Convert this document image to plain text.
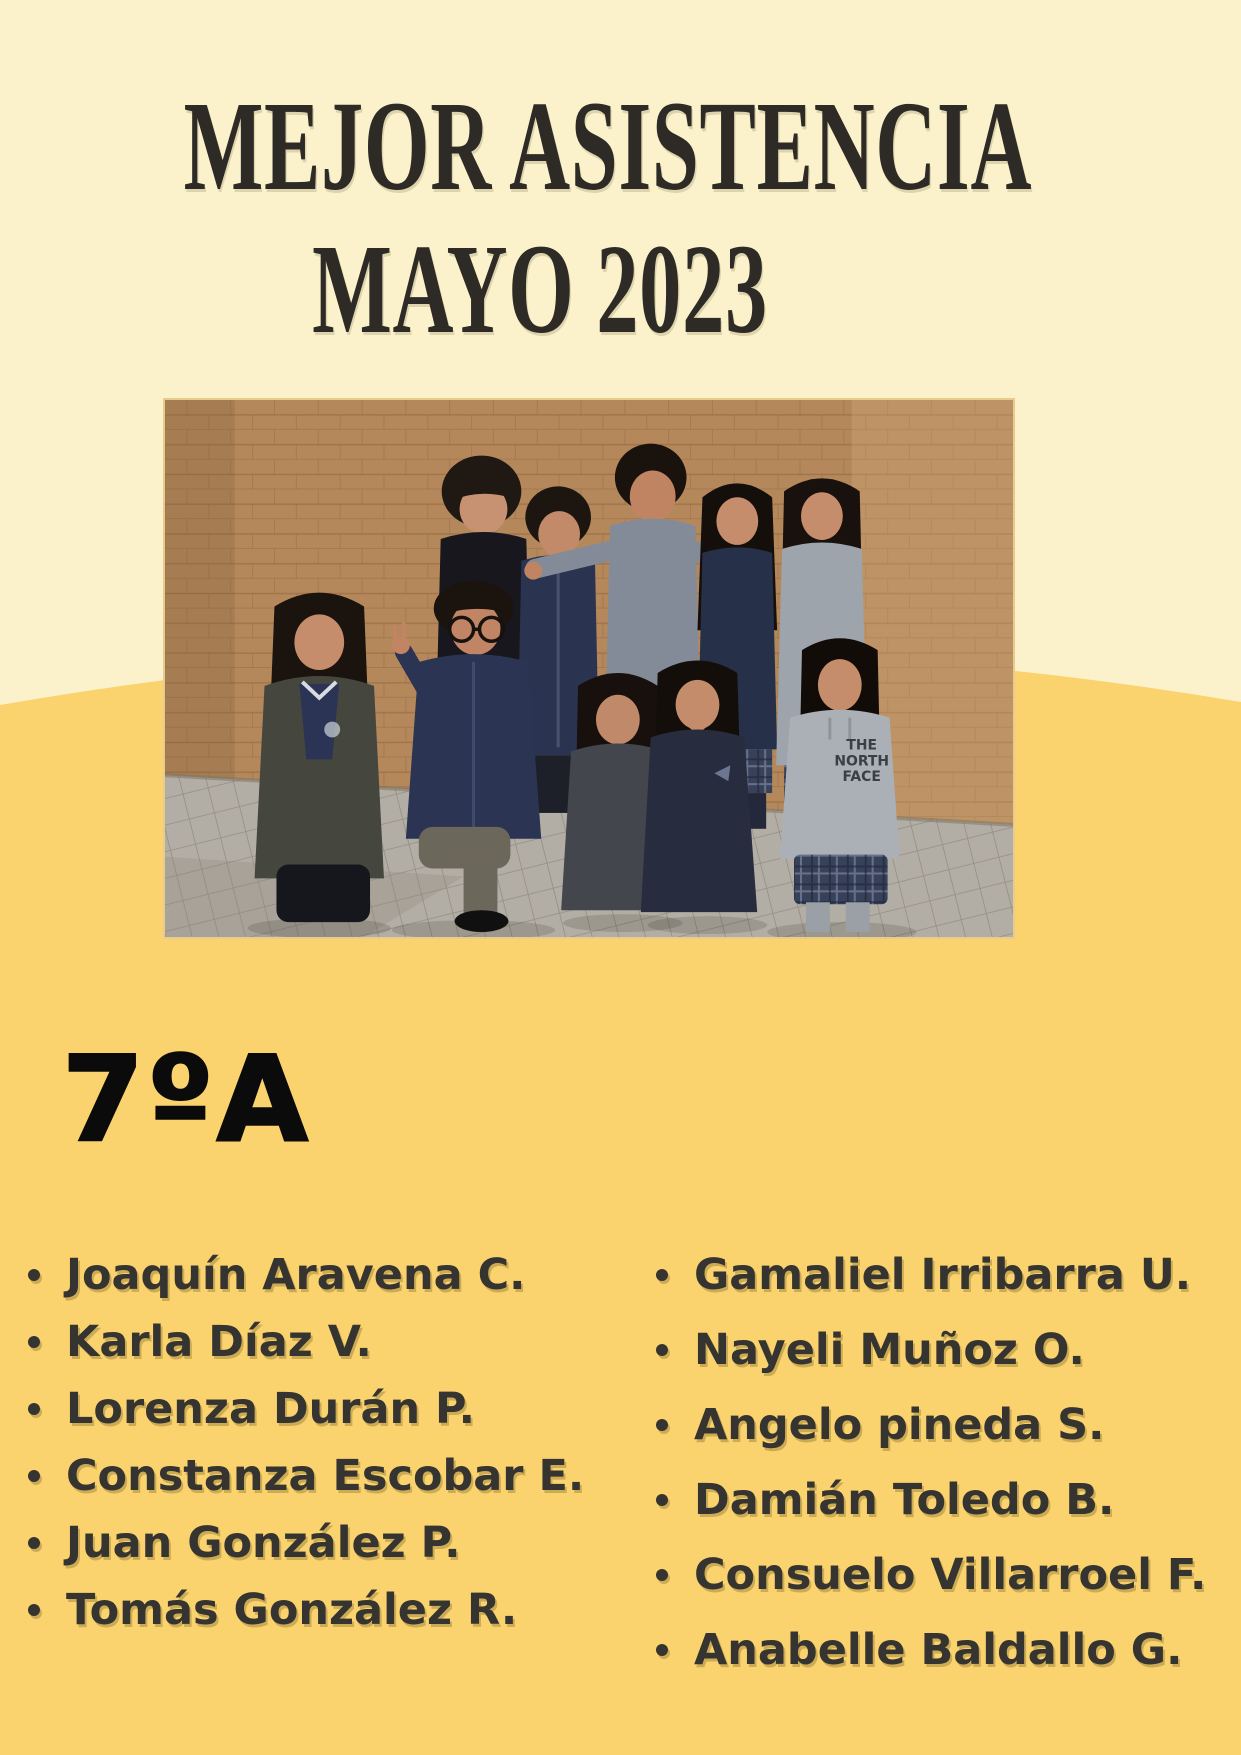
MEJOR ASISTENCIA
MAYO 2023
THE
NORTH
FACE
7ºA
Joaquín Aravena C.
Karla Díaz V.
Lorenza Durán P.
Constanza Escobar E.
Juan González P.
Tomás González R.
Gamaliel Irribarra U.
Nayeli Muñoz O.
Angelo pineda S.
Damián Toledo B.
Consuelo Villarroel F.
Anabelle Baldallo G.
